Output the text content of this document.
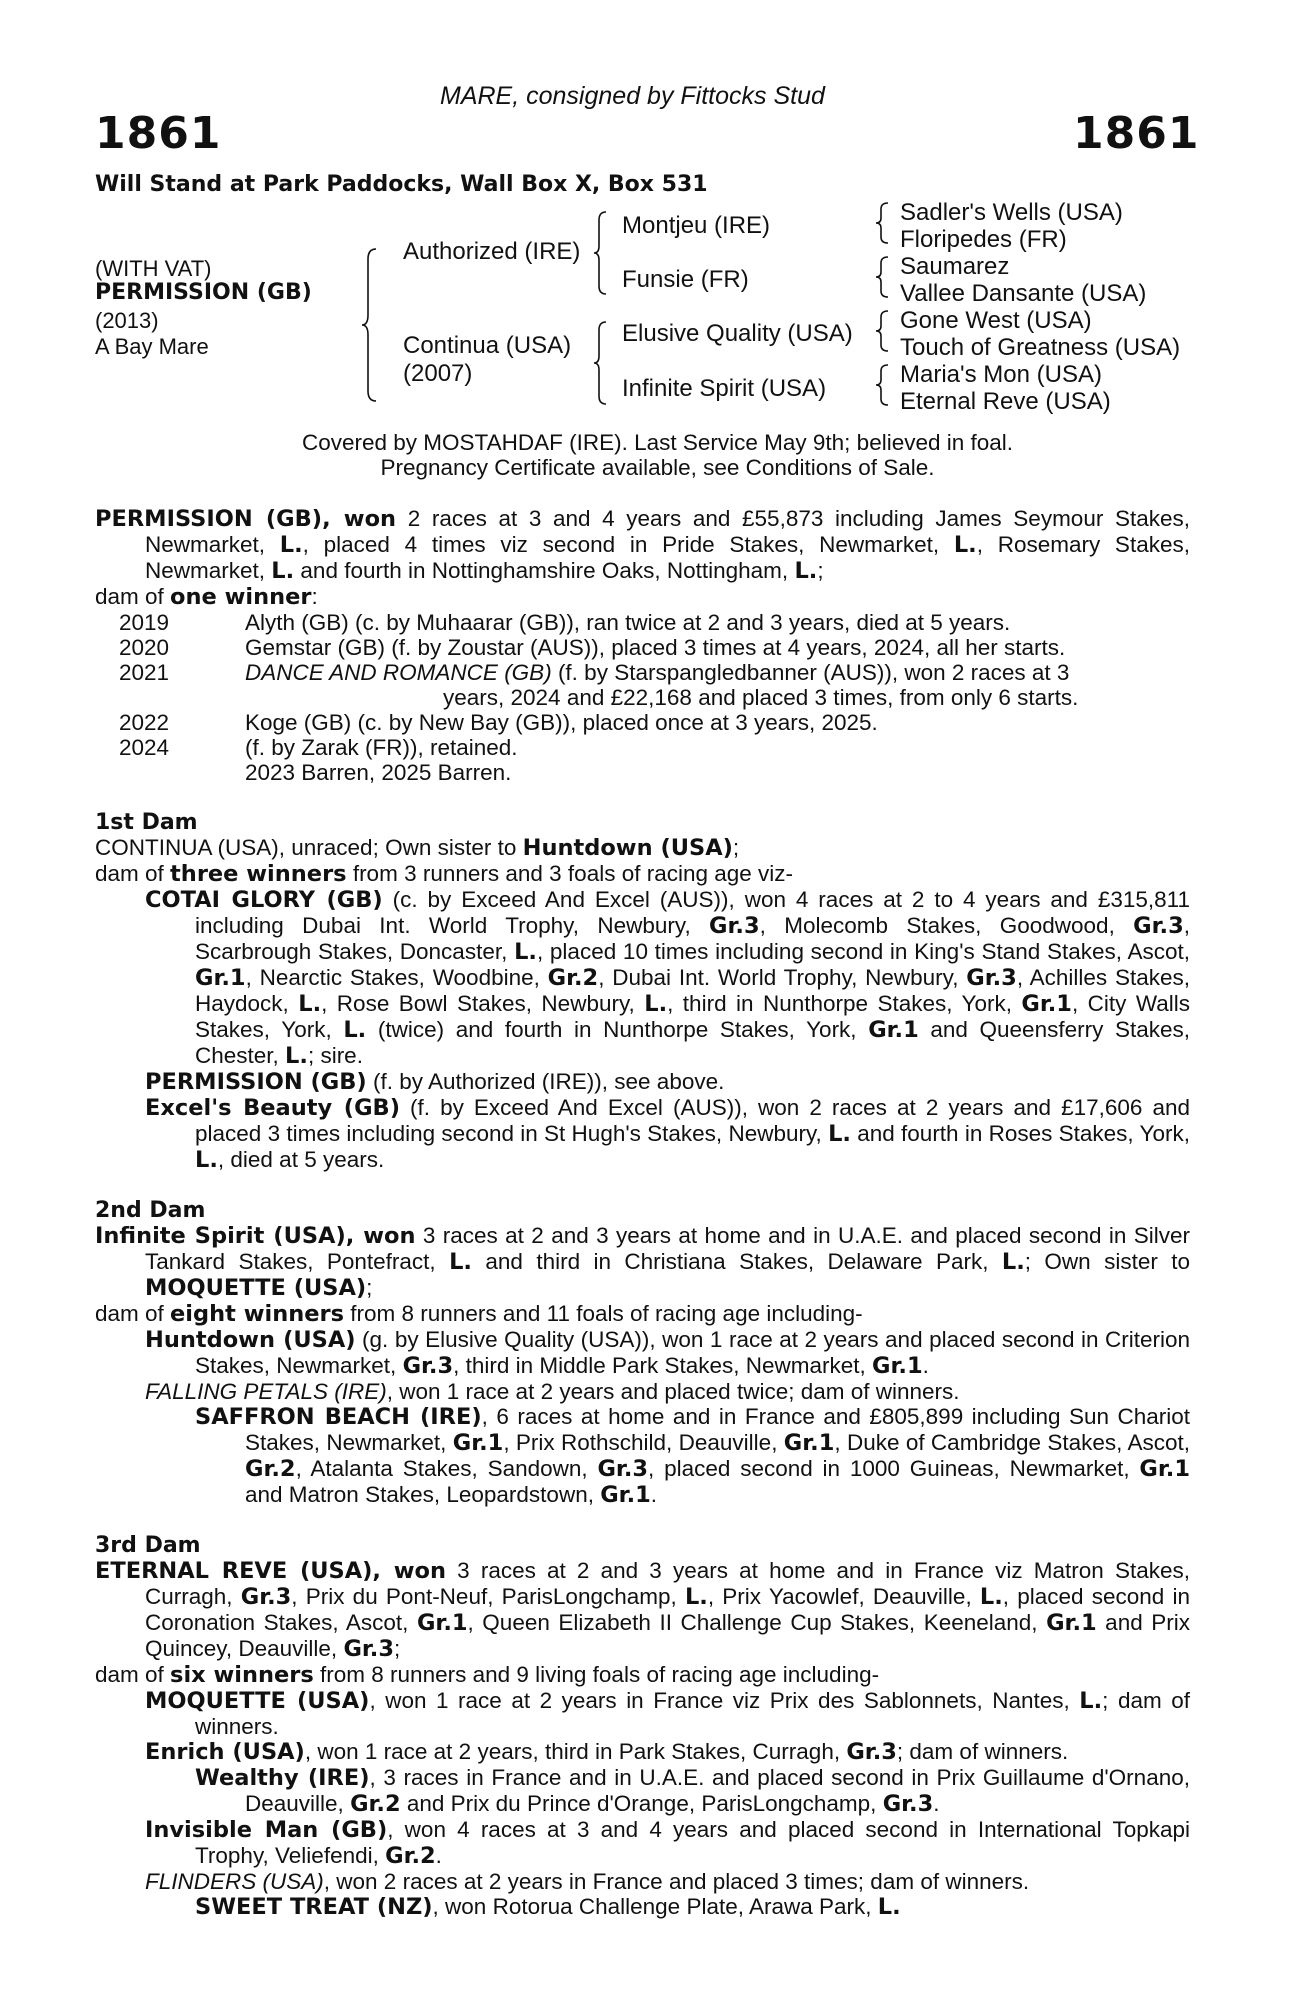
MARE, consigned by Fittocks Stud
1861	1861
Will Stand at Park Paddocks, Wall Box X, Box 531
(WITH VAT)
PERMISSION (GB)
(2013)
A Bay Mare
Authorized (IRE)
Continua (USA)
(2007)
Montjeu (IRE)
Funsie (FR)
Elusive Quality (USA)
Infinite Spirit (USA)
Sadler's Wells (USA)
Floripedes (FR)
Saumarez
Vallee Dansante (USA)
Gone West (USA)
Touch of Greatness (USA)
Maria's Mon (USA)
Eternal Reve (USA)
Covered by MOSTAHDAF (IRE). Last Service May 9th; believed in foal.
Pregnancy Certificate available, see Conditions of Sale.
PERMISSION (GB), won 2 races at 3 and 4 years and £55,873 including James Seymour Stakes, Newmarket, L., placed 4 times viz second in Pride Stakes, Newmarket, L., Rosemary Stakes, Newmarket, L. and fourth in Nottinghamshire Oaks, Nottingham, L.;
dam of one winner:
2019	Alyth (GB) (c. by Muhaarar (GB)), ran twice at 2 and 3 years, died at 5 years.
2020	Gemstar (GB) (f. by Zoustar (AUS)), placed 3 times at 4 years, 2024, all her starts.
2021	DANCE AND ROMANCE (GB) (f. by Starspangledbanner (AUS)), won 2 races at 3
years, 2024 and £22,168 and placed 3 times, from only 6 starts.
2022	Koge (GB) (c. by New Bay (GB)), placed once at 3 years, 2025.
2024	(f. by Zarak (FR)), retained.
2023 Barren, 2025 Barren.
1st Dam
CONTINUA (USA), unraced; Own sister to Huntdown (USA);
dam of three winners from 3 runners and 3 foals of racing age viz-
COTAI GLORY (GB) (c. by Exceed And Excel (AUS)), won 4 races at 2 to 4 years and £315,811 including Dubai Int. World Trophy, Newbury, Gr.3, Molecomb Stakes, Goodwood, Gr.3, Scarbrough Stakes, Doncaster, L., placed 10 times including second in King's Stand Stakes, Ascot, Gr.1, Nearctic Stakes, Woodbine, Gr.2, Dubai Int. World Trophy, Newbury, Gr.3, Achilles Stakes, Haydock, L., Rose Bowl Stakes, Newbury, L., third in Nunthorpe Stakes, York, Gr.1, City Walls Stakes, York, L. (twice) and fourth in Nunthorpe Stakes, York, Gr.1 and Queensferry Stakes, Chester, L.; sire.
PERMISSION (GB) (f. by Authorized (IRE)), see above.
Excel's Beauty (GB) (f. by Exceed And Excel (AUS)), won 2 races at 2 years and £17,606 and placed 3 times including second in St Hugh's Stakes, Newbury, L. and fourth in Roses Stakes, York, L., died at 5 years.
2nd Dam
Infinite Spirit (USA), won 3 races at 2 and 3 years at home and in U.A.E. and placed second in Silver Tankard Stakes, Pontefract, L. and third in Christiana Stakes, Delaware Park, L.; Own sister to MOQUETTE (USA);
dam of eight winners from 8 runners and 11 foals of racing age including-
Huntdown (USA) (g. by Elusive Quality (USA)), won 1 race at 2 years and placed second in Criterion Stakes, Newmarket, Gr.3, third in Middle Park Stakes, Newmarket, Gr.1.
FALLING PETALS (IRE), won 1 race at 2 years and placed twice; dam of winners.
SAFFRON BEACH (IRE), 6 races at home and in France and £805,899 including Sun Chariot Stakes, Newmarket, Gr.1, Prix Rothschild, Deauville, Gr.1, Duke of Cambridge Stakes, Ascot, Gr.2, Atalanta Stakes, Sandown, Gr.3, placed second in 1000 Guineas, Newmarket, Gr.1 and Matron Stakes, Leopardstown, Gr.1.
3rd Dam
ETERNAL REVE (USA), won 3 races at 2 and 3 years at home and in France viz Matron Stakes, Curragh, Gr.3, Prix du Pont-Neuf, ParisLongchamp, L., Prix Yacowlef, Deauville, L., placed second in Coronation Stakes, Ascot, Gr.1, Queen Elizabeth II Challenge Cup Stakes, Keeneland, Gr.1 and Prix Quincey, Deauville, Gr.3;
dam of six winners from 8 runners and 9 living foals of racing age including-
MOQUETTE (USA), won 1 race at 2 years in France viz Prix des Sablonnets, Nantes, L.; dam of winners.
Enrich (USA), won 1 race at 2 years, third in Park Stakes, Curragh, Gr.3; dam of winners.
Wealthy (IRE), 3 races in France and in U.A.E. and placed second in Prix Guillaume d'Ornano, Deauville, Gr.2 and Prix du Prince d'Orange, ParisLongchamp, Gr.3.
Invisible Man (GB), won 4 races at 3 and 4 years and placed second in International Topkapi Trophy, Veliefendi, Gr.2.
FLINDERS (USA), won 2 races at 2 years in France and placed 3 times; dam of winners.
SWEET TREAT (NZ), won Rotorua Challenge Plate, Arawa Park, L.
